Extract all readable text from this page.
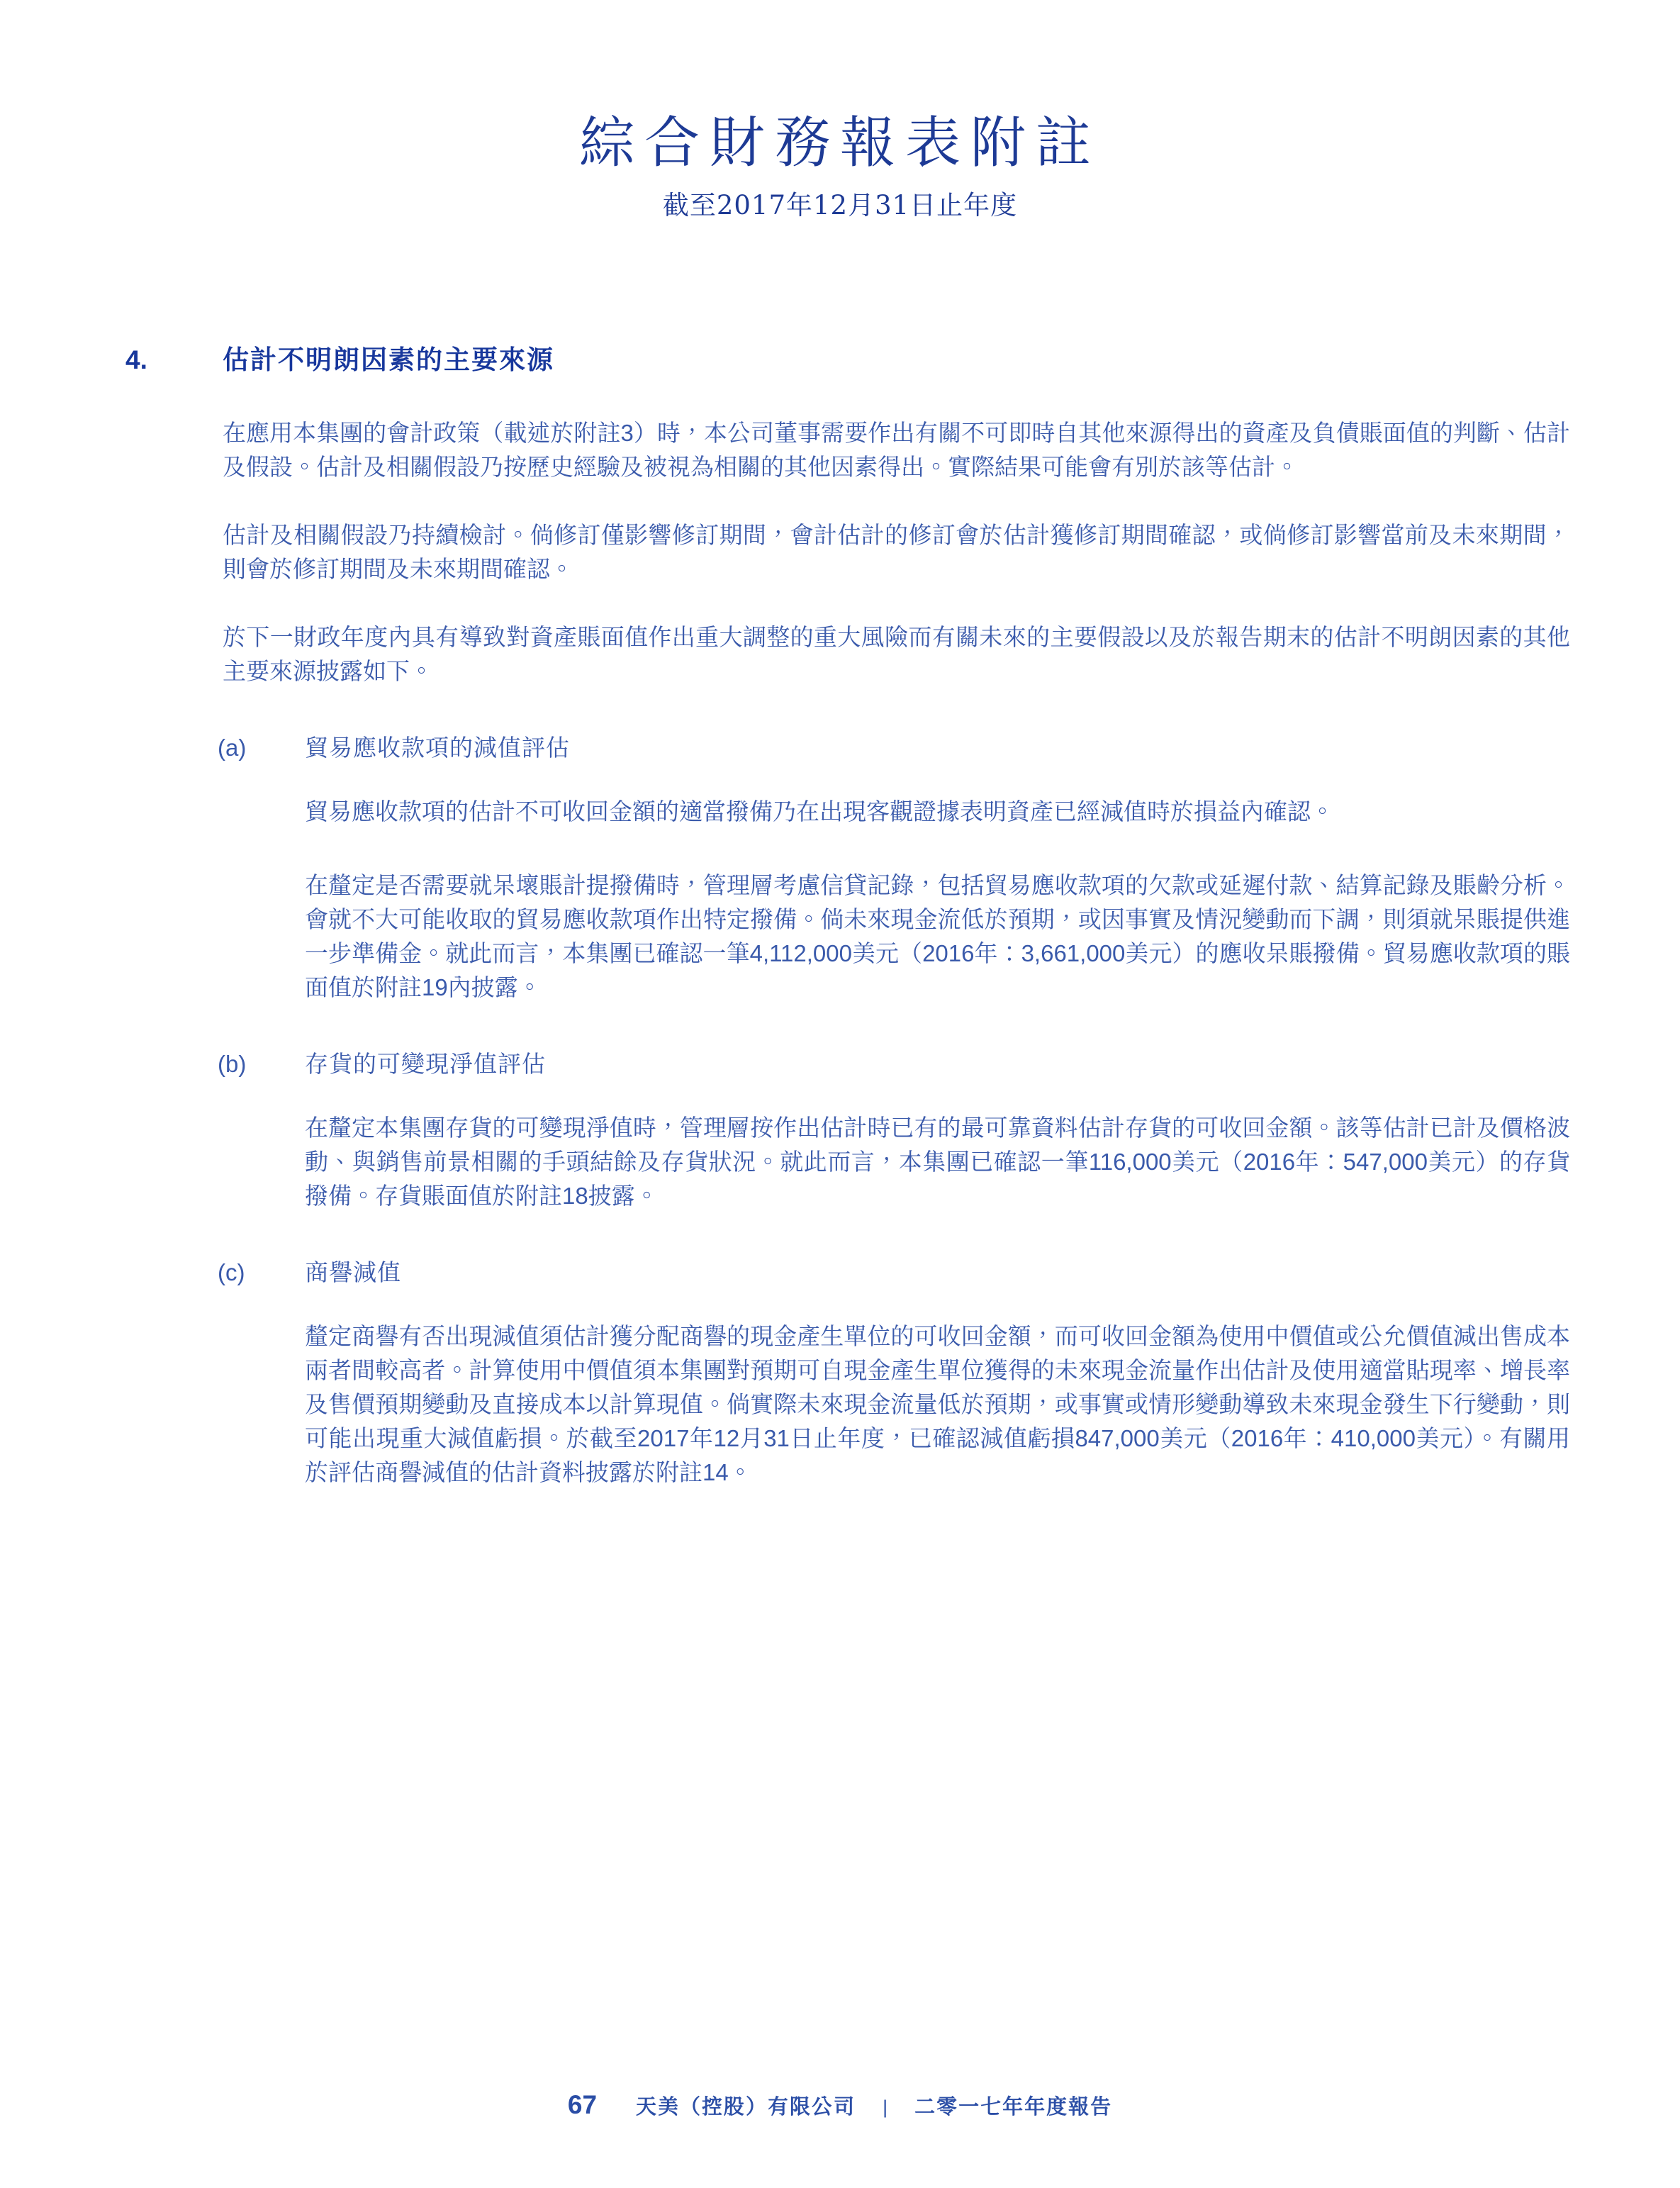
綜合財務報表附註
截至2017年12月31日止年度
4.	估計不明朗因素的主要來源

在應用本集團的會計政策（載述於附註3）時，本公司董事需要作出有關不可即時自其他來源得出的資產及負債賬面值的判斷、估計及假設。估計及相關假設乃按歷史經驗及被視為相關的其他因素得出。實際結果可能會有別於該等估計。

估計及相關假設乃持續檢討。倘修訂僅影響修訂期間，會計估計的修訂會於估計獲修訂期間確認，或倘修訂影響當前及未來期間，則會於修訂期間及未來期間確認。

於下一財政年度內具有導致對資產賬面值作出重大調整的重大風險而有關未來的主要假設以及於報告期末的估計不明朗因素的其他主要來源披露如下。

(a)	貿易應收款項的減值評估

貿易應收款項的估計不可收回金額的適當撥備乃在出現客觀證據表明資產已經減值時於損益內確認。

在釐定是否需要就呆壞賬計提撥備時，管理層考慮信貸記錄，包括貿易應收款項的欠款或延遲付款、結算記錄及賬齡分析。會就不大可能收取的貿易應收款項作出特定撥備。倘未來現金流低於預期，或因事實及情況變動而下調，則須就呆賬提供進一步準備金。就此而言，本集團已確認一筆4,112,000美元（2016年：3,661,000美元）的應收呆賬撥備。貿易應收款項的賬面值於附註19內披露。

(b)	存貨的可變現淨值評估

在釐定本集團存貨的可變現淨值時，管理層按作出估計時已有的最可靠資料估計存貨的可收回金額。該等估計已計及價格波動、與銷售前景相關的手頭結餘及存貨狀況。就此而言，本集團已確認一筆116,000美元（2016年：547,000美元）的存貨撥備。存貨賬面值於附註18披露。

(c)	商譽減值

釐定商譽有否出現減值須估計獲分配商譽的現金產生單位的可收回金額，而可收回金額為使用中價值或公允價值減出售成本兩者間較高者。計算使用中價值須本集團對預期可自現金產生單位獲得的未來現金流量作出估計及使用適當貼現率、增長率及售價預期變動及直接成本以計算現值。倘實際未來現金流量低於預期，或事實或情形變動導致未來現金發生下行變動，則可能出現重大減值虧損。於截至2017年12月31日止年度，已確認減值虧損847,000美元（2016年：410,000美元）。有關用於評估商譽減值的估計資料披露於附註14。

67 天美（控股）有限公司 | 二零一七年年度報告
